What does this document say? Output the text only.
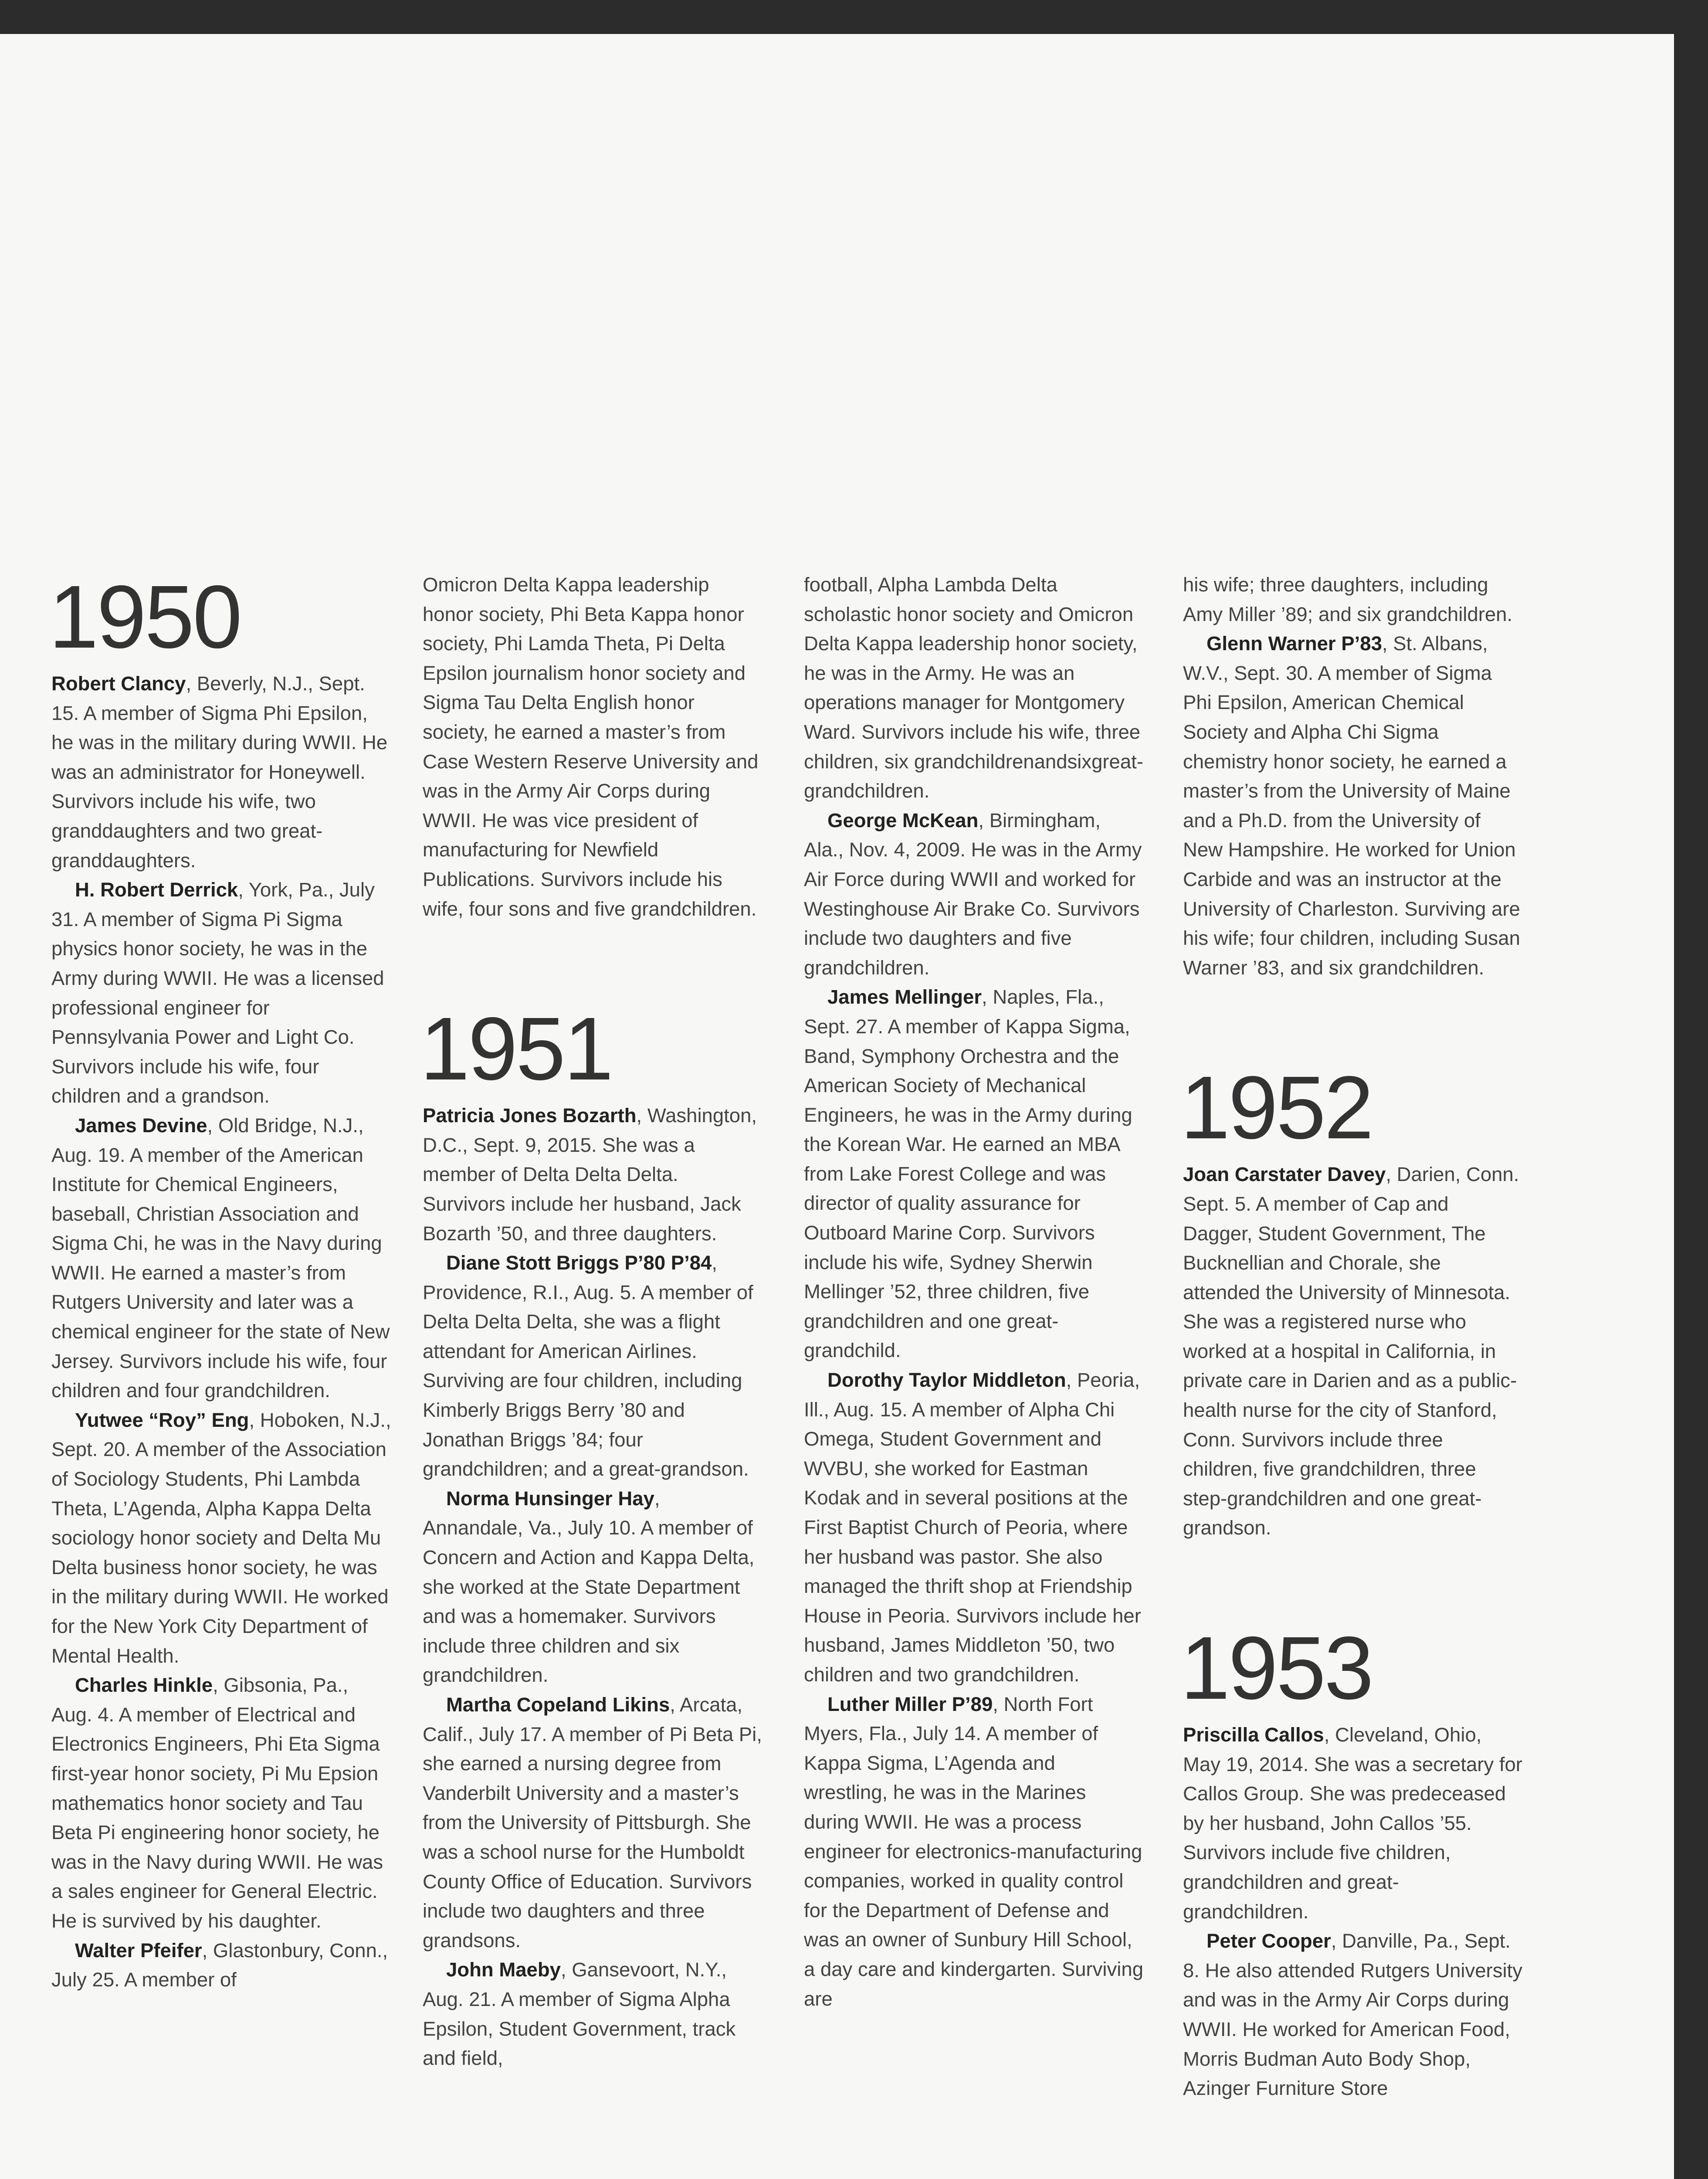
1950

Robert Clancy, Beverly, N.J., Sept. 15. A member of Sigma Phi Epsilon, he was in the military during WWII. He was an administrator for Honeywell. Survivors include his wife, two granddaughters and two great-granddaughters.

H. Robert Derrick, York, Pa., July 31. A member of Sigma Pi Sigma physics honor society, he was in the Army during WWII. He was a licensed professional engineer for Pennsylvania Power and Light Co. Survivors include his wife, four children and a grandson.

James Devine, Old Bridge, N.J., Aug. 19. A member of the American Institute for Chemical Engineers, baseball, Christian Association and Sigma Chi, he was in the Navy during WWII. He earned a master’s from Rutgers University and later was a chemical engineer for the state of New Jersey. Survivors include his wife, four children and four grandchildren.

Yutwee “Roy” Eng, Hoboken, N.J., Sept. 20. A member of the Association of Sociology Students, Phi Lambda Theta, L’Agenda, Alpha Kappa Delta sociology honor society and Delta Mu Delta business honor society, he was in the military during WWII. He worked for the New York City Department of Mental Health.

Charles Hinkle, Gibsonia, Pa., Aug. 4. A member of Electrical and Electronics Engineers, Phi Eta Sigma first-year honor society, Pi Mu Epsion mathematics honor society and Tau Beta Pi engineering honor society, he was in the Navy during WWII. He was a sales engineer for General Electric. He is survived by his daughter.

Walter Pfeifer, Glastonbury, Conn., July 25. A member of

Omicron Delta Kappa leadership honor society, Phi Beta Kappa honor society, Phi Lamda Theta, Pi Delta Epsilon journalism honor society and Sigma Tau Delta English honor society, he earned a master’s from Case Western Reserve University and was in the Army Air Corps during WWII. He was vice president of manufacturing for Newfield Publications. Survivors include his wife, four sons and five grandchildren.

1951

Patricia Jones Bozarth, Washington, D.C., Sept. 9, 2015. She was a member of Delta Delta Delta. Survivors include her husband, Jack Bozarth ’50, and three daughters.

Diane Stott Briggs P’80 P’84, Providence, R.I., Aug. 5. A member of Delta Delta Delta, she was a flight attendant for American Airlines. Surviving are four children, including Kimberly Briggs Berry ’80 and Jonathan Briggs ’84; four grandchildren; and a great-grandson.

Norma Hunsinger Hay, Annandale, Va., July 10. A member of Concern and Action and Kappa Delta, she worked at the State Department and was a homemaker. Survivors include three children and six grandchildren.

Martha Copeland Likins, Arcata, Calif., July 17. A member of Pi Beta Pi, she earned a nursing degree from Vanderbilt University and a master’s from the University of Pittsburgh. She was a school nurse for the Humboldt County Office of Education. Survivors include two daughters and three grandsons.

John Maeby, Gansevoort, N.Y., Aug. 21. A member of Sigma Alpha Epsilon, Student Government, track and field,

football, Alpha Lambda Delta scholastic honor society and Omicron Delta Kappa leadership honor society, he was in the Army. He was an operations manager for Montgomery Ward. Survivors include his wife, three children, six grandchildrenandsixgreat-grandchildren.

George McKean, Birmingham, Ala., Nov. 4, 2009. He was in the Army Air Force during WWII and worked for Westinghouse Air Brake Co. Survivors include two daughters and five grandchildren.

James Mellinger, Naples, Fla., Sept. 27. A member of Kappa Sigma, Band, Symphony Orchestra and the American Society of Mechanical Engineers, he was in the Army during the Korean War. He earned an MBA from Lake Forest College and was director of quality assurance for Outboard Marine Corp. Survivors include his wife, Sydney Sherwin Mellinger ’52, three children, five grandchildren and one great-grandchild.

Dorothy Taylor Middleton, Peoria, Ill., Aug. 15. A member of Alpha Chi Omega, Student Government and WVBU, she worked for Eastman Kodak and in several positions at the First Baptist Church of Peoria, where her husband was pastor. She also managed the thrift shop at Friendship House in Peoria. Survivors include her husband, James Middleton ’50, two children and two grandchildren.

Luther Miller P’89, North Fort Myers, Fla., July 14. A member of Kappa Sigma, L’Agenda and wrestling, he was in the Marines during WWII. He was a process engineer for electronics-manufacturing companies, worked in quality control for the Department of Defense and was an owner of Sunbury Hill School, a day care and kindergarten. Surviving are

his wife; three daughters, including Amy Miller ’89; and six grandchildren.

Glenn Warner P’83, St. Albans, W.V., Sept. 30. A member of Sigma Phi Epsilon, American Chemical Society and Alpha Chi Sigma chemistry honor society, he earned a master’s from the University of Maine and a Ph.D. from the University of New Hampshire. He worked for Union Carbide and was an instructor at the University of Charleston. Surviving are his wife; four children, including Susan Warner ’83, and six grandchildren.

1952

Joan Carstater Davey, Darien, Conn. Sept. 5. A member of Cap and Dagger, Student Government, The Bucknellian and Chorale, she attended the University of Minnesota. She was a registered nurse who worked at a hospital in California, in private care in Darien and as a public-health nurse for the city of Stanford, Conn. Survivors include three children, five grandchildren, three step-grandchildren and one great-grandson.

1953

Priscilla Callos, Cleveland, Ohio, May 19, 2014. She was a secretary for Callos Group. She was predeceased by her husband, John Callos ’55. Survivors include five children, grandchildren and great-grandchildren.

Peter Cooper, Danville, Pa., Sept. 8. He also attended Rutgers University and was in the Army Air Corps during WWII. He worked for American Food, Morris Budman Auto Body Shop, Azinger Furniture Store
